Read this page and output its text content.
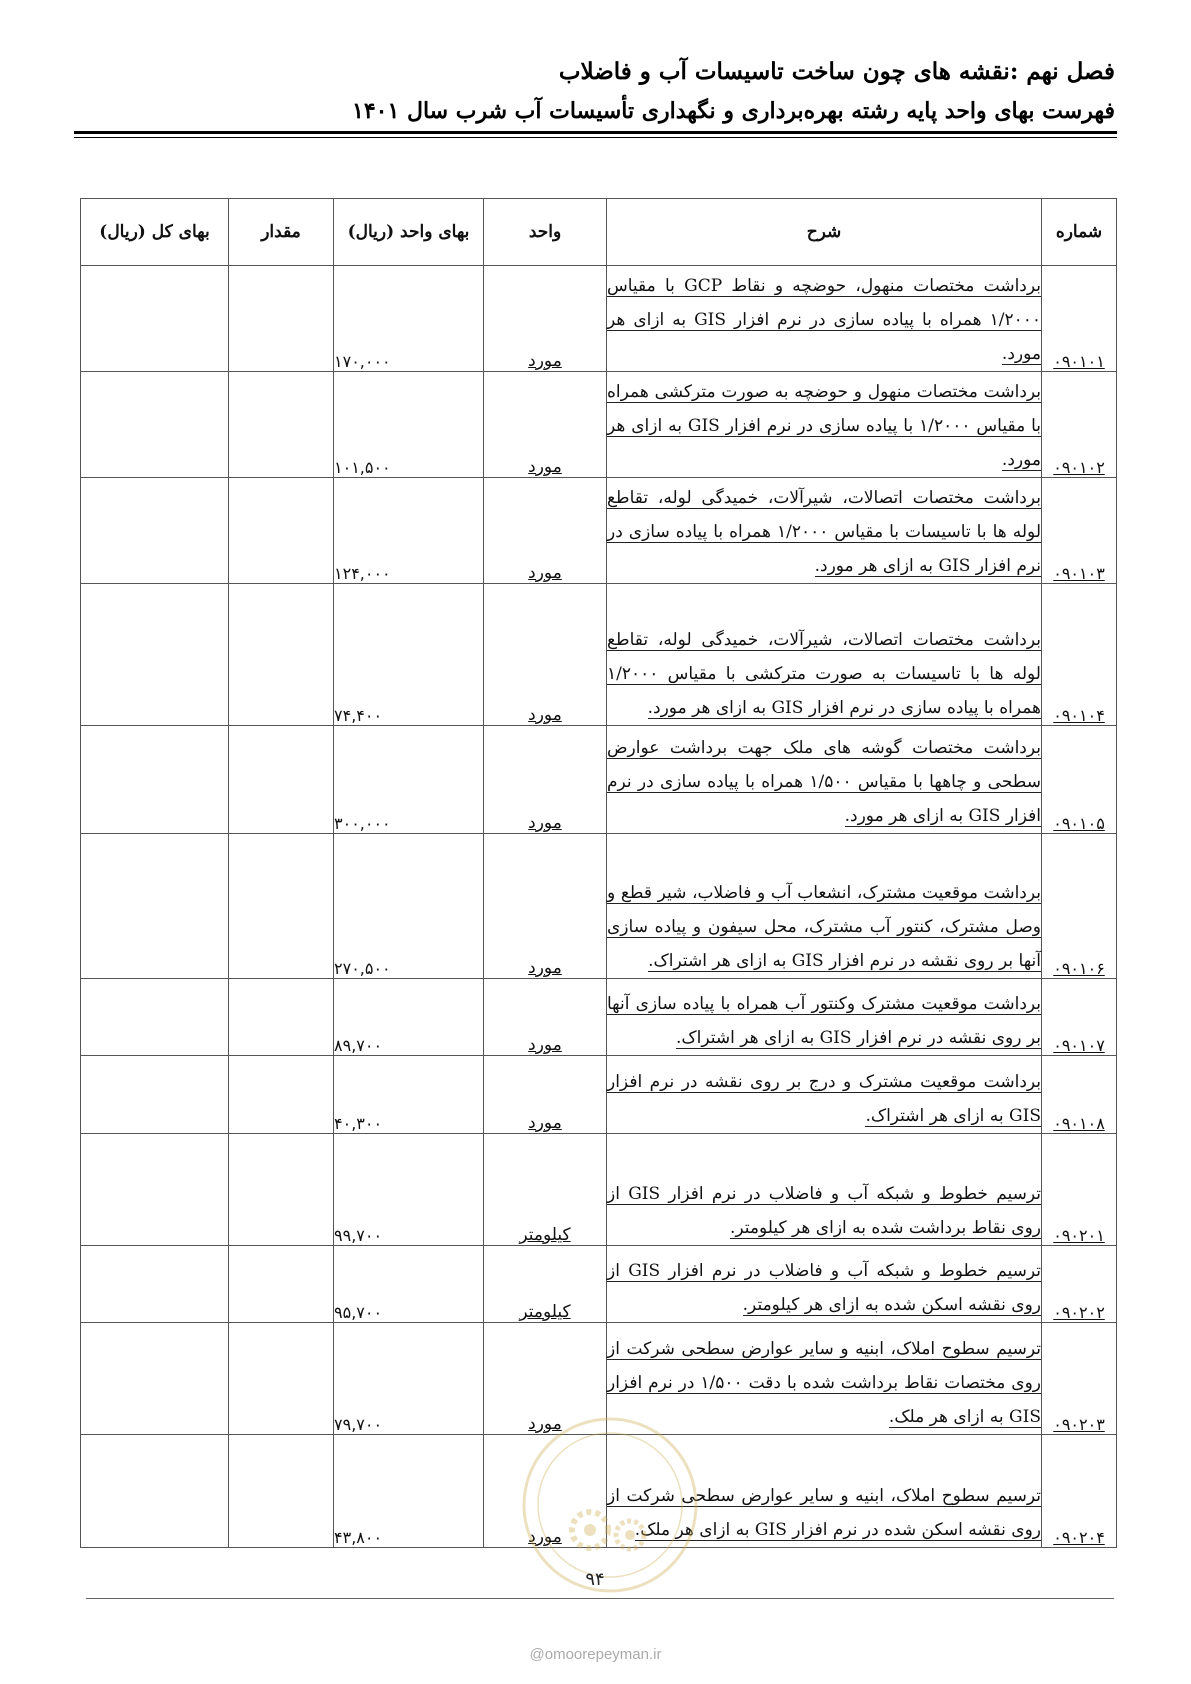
فصل نهم :نقشه های چون ساخت تاسیسات آب و فاضلاب
فهرست بهای واحد پایه رشته بهره‌برداری و نگهداری تأسیسات آب شرب سال ۱۴۰۱
شماره	شرح	واحد	بهای واحد (ریال)	مقدار	بهای کل (ریال)
۰۹۰۱۰۱	برداشت مختصات منهول، حوضچه و نقاط GCP با مقیاس ۱/۲۰۰۰ همراه با پیاده سازی در نرم افزار GIS به ازای هر مورد.	مورد	۱۷۰,۰۰۰		
۰۹۰۱۰۲	برداشت مختصات منهول و حوضچه به صورت مترکشی همراه با مقیاس ۱/۲۰۰۰ با پیاده سازی در نرم افزار GIS به ازای هر مورد.	مورد	۱۰۱,۵۰۰		
۰۹۰۱۰۳	برداشت مختصات اتصالات، شیرآلات، خمیدگی لوله، تقاطع لوله ها با تاسیسات با مقیاس ۱/۲۰۰۰ همراه با پیاده سازی در نرم افزار GIS به ازای هر مورد.	مورد	۱۲۴,۰۰۰		
۰۹۰۱۰۴	برداشت مختصات اتصالات، شیرآلات، خمیدگی لوله، تقاطع لوله ها با تاسیسات به صورت مترکشی با مقیاس ۱/۲۰۰۰ همراه با پیاده سازی در نرم افزار GIS به ازای هر مورد.	مورد	۷۴,۴۰۰		
۰۹۰۱۰۵	برداشت مختصات گوشه های ملک جهت برداشت عوارض سطحی و چاهها با مقیاس ۱/۵۰۰ همراه با پیاده سازی در نرم افزار GIS به ازای هر مورد.	مورد	۳۰۰,۰۰۰		
۰۹۰۱۰۶	برداشت موقعیت مشترک، انشعاب آب و فاضلاب، شیر قطع و وصل مشترک، کنتور آب مشترک، محل سیفون و پیاده سازی آنها بر روی نقشه در نرم افزار GIS به ازای هر اشتراک.	مورد	۲۷۰,۵۰۰		
۰۹۰۱۰۷	برداشت موقعیت مشترک وکنتور آب همراه با پیاده سازی آنها بر روی نقشه در نرم افزار GIS به ازای هر اشتراک.	مورد	۸۹,۷۰۰		
۰۹۰۱۰۸	برداشت موقعیت مشترک و درج بر روی نقشه در نرم افزار GIS به ازای هر اشتراک.	مورد	۴۰,۳۰۰		
۰۹۰۲۰۱	ترسیم خطوط و شبکه آب و فاضلاب در نرم افزار GIS از روی نقاط برداشت شده به ازای هر کیلومتر.	کیلومتر	۹۹,۷۰۰		
۰۹۰۲۰۲	ترسیم خطوط و شبکه آب و فاضلاب در نرم افزار GIS از روی نقشه اسکن شده به ازای هر کیلومتر.	کیلومتر	۹۵,۷۰۰		
۰۹۰۲۰۳	ترسیم سطوح املاک، ابنیه و سایر عوارض سطحی شرکت از روی مختصات نقاط برداشت شده با دقت ۱/۵۰۰ در نرم افزار GIS به ازای هر ملک.	مورد	۷۹,۷۰۰		
۰۹۰۲۰۴	ترسیم سطوح املاک، ابنیه و سایر عوارض سطحی شرکت از روی نقشه اسکن شده در نرم افزار GIS به ازای هر ملک.	مورد	۴۳,۸۰۰		
۹۴
@omoorepeyman.ir
